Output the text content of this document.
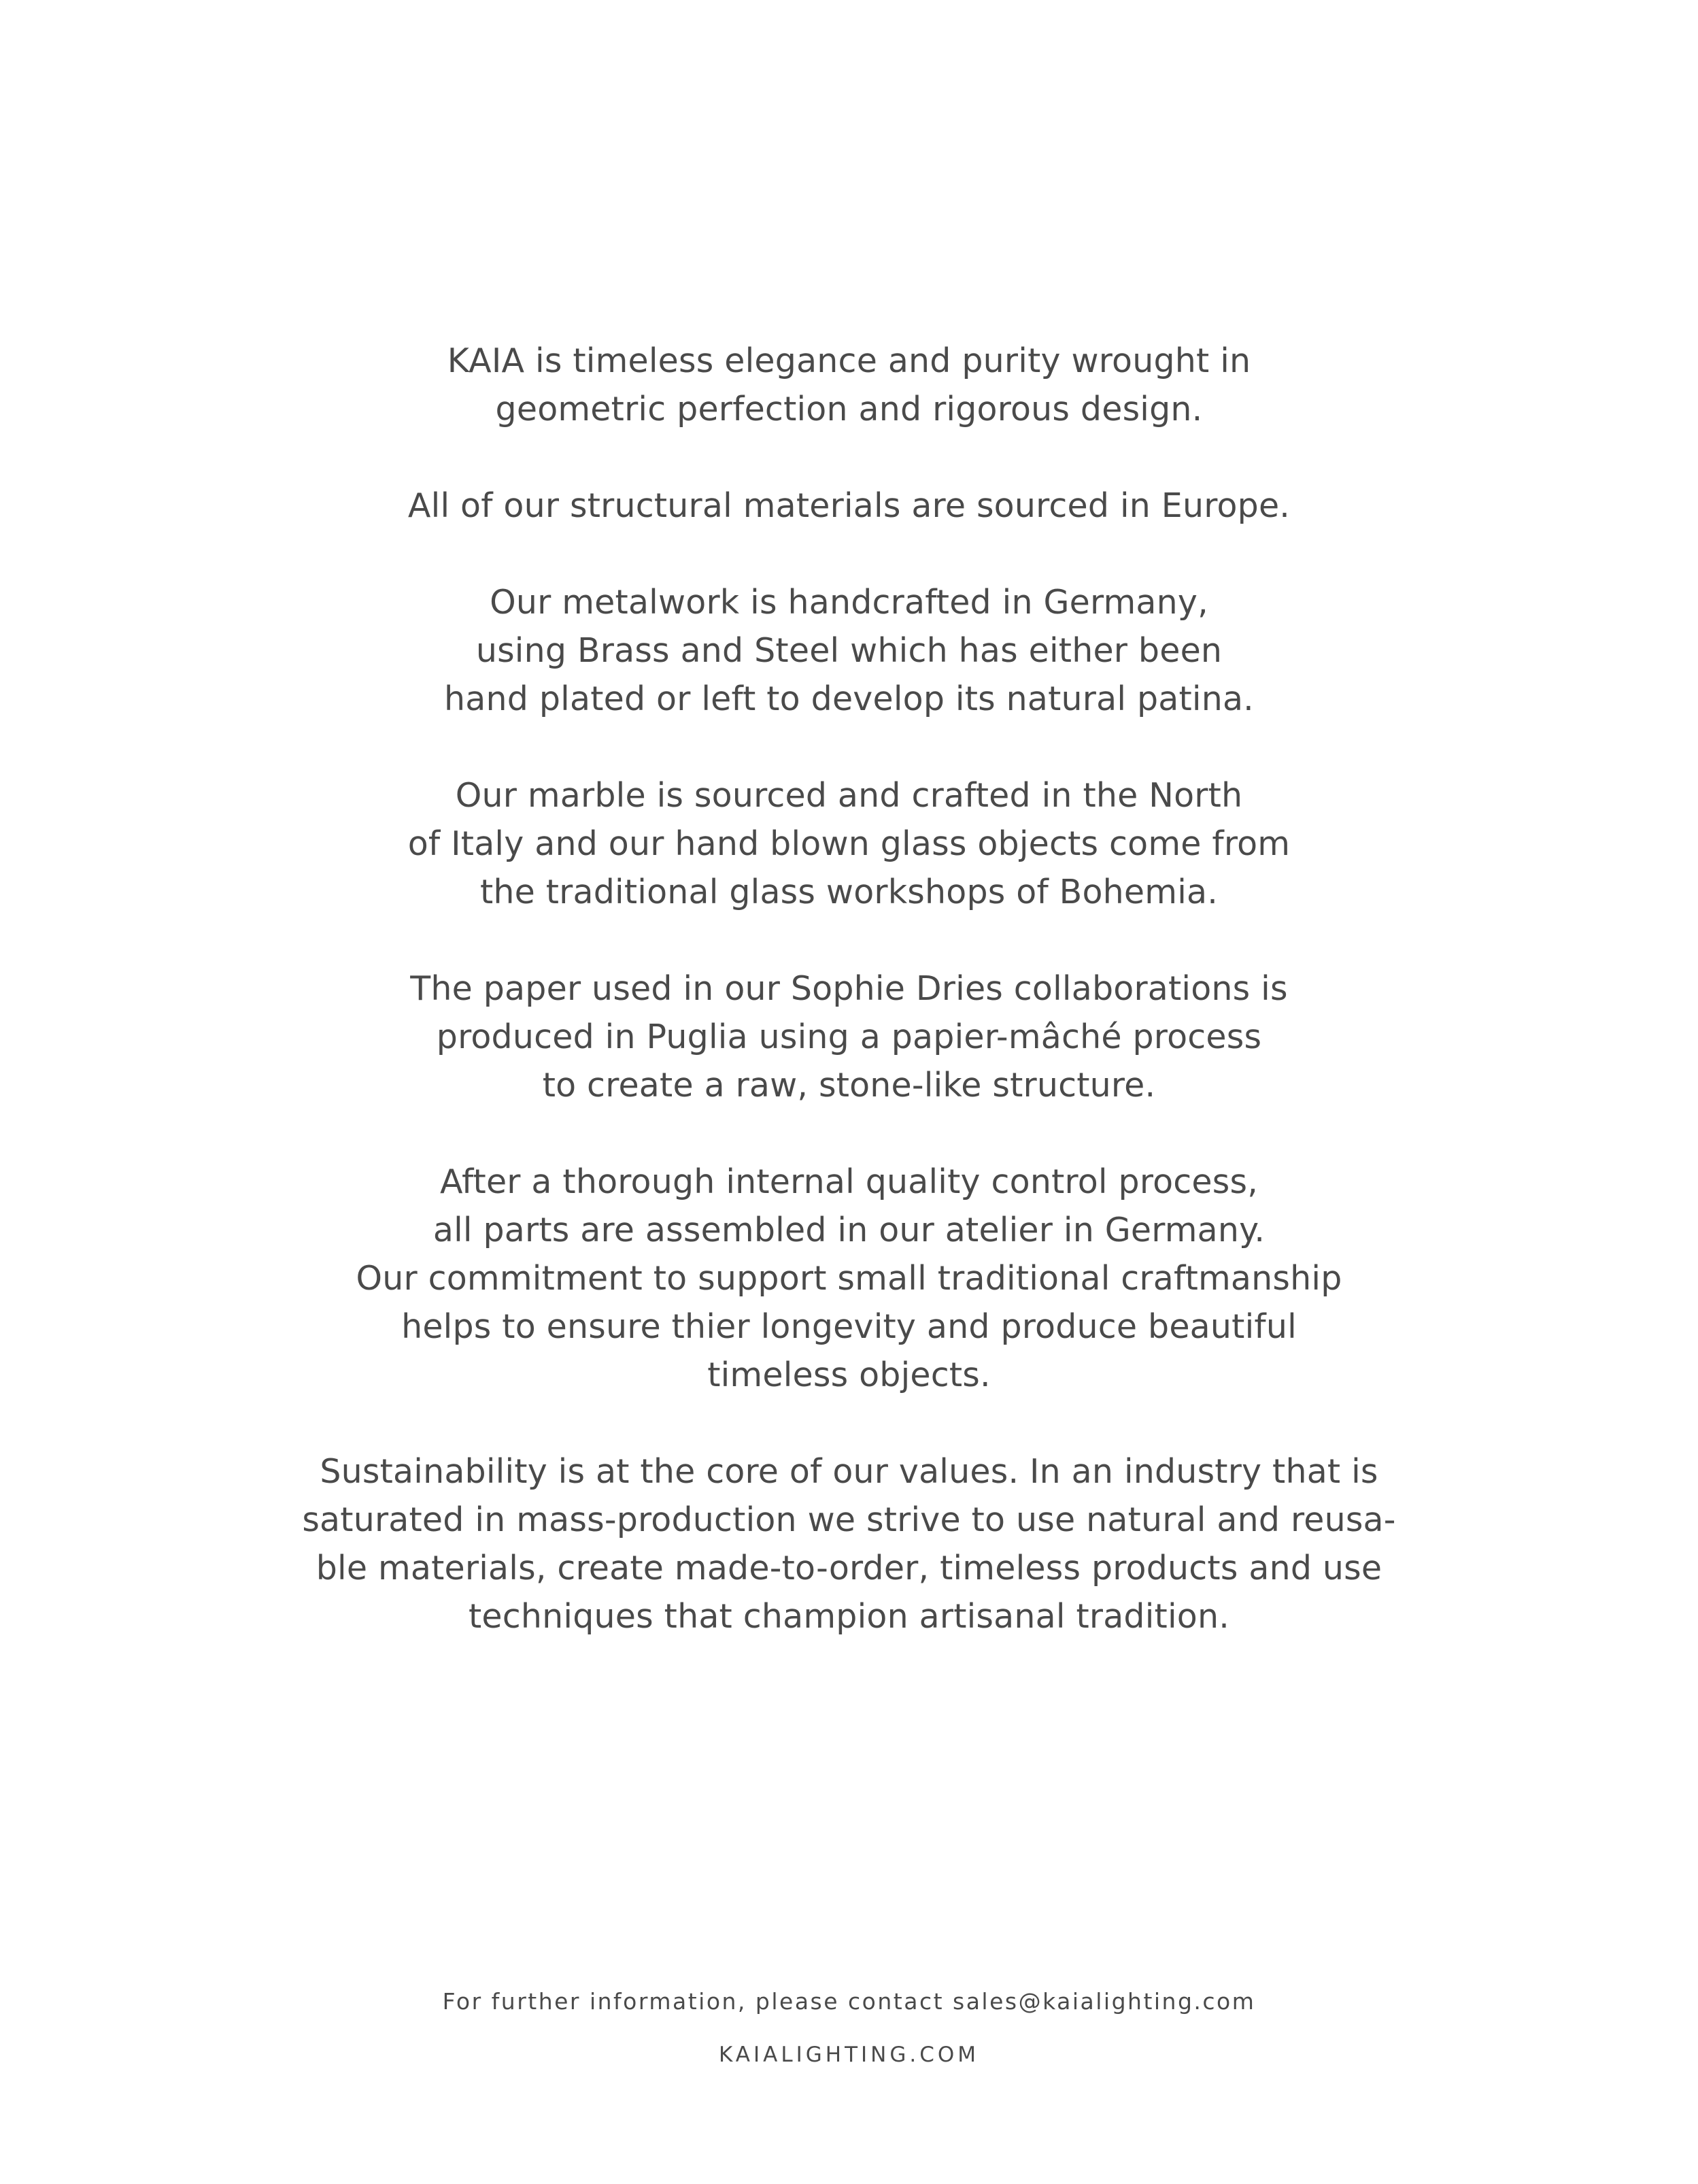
KAIA is timeless elegance and purity wrought in
geometric perfection and rigorous design.

All of our structural materials are sourced in Europe.

Our metalwork is handcrafted in Germany,
using Brass and Steel which has either been
hand plated or left to develop its natural patina.

Our marble is sourced and crafted in the North
of Italy and our hand blown glass objects come from
the traditional glass workshops of Bohemia.

The paper used in our Sophie Dries collaborations is
produced in Puglia using a papier-mâché process
to create a raw, stone-like structure.

After a thorough internal quality control process,
all parts are assembled in our atelier in Germany.
Our commitment to support small traditional craftmanship
helps to ensure thier longevity and produce beautiful
timeless objects.

Sustainability is at the core of our values. In an industry that is
saturated in mass-production we strive to use natural and reusa-
ble materials, create made-to-order, timeless products and use
techniques that champion artisanal tradition.

For further information, please contact sales@kaialighting.com
KAIALIGHTING.COM
